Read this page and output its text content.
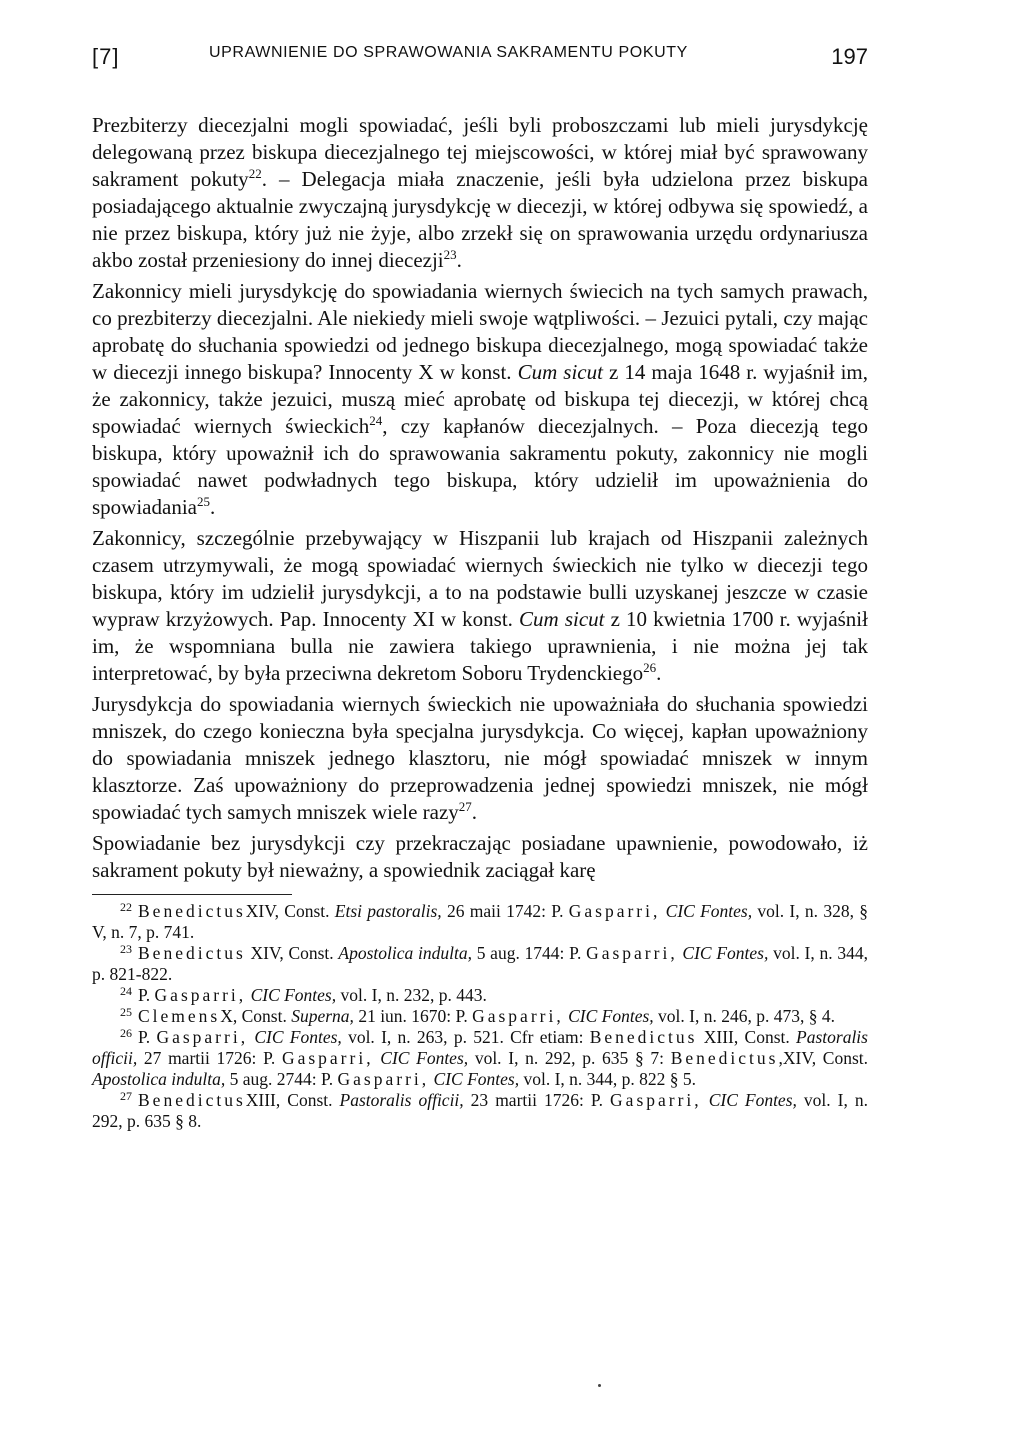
[7]	UPRAWNIENIE DO SPRAWOWANIA SAKRAMENTU POKUTY	197

Prezbiterzy diecezjalni mogli spowiadać, jeśli byli proboszczami lub mieli jurysdykcję delegowaną przez biskupa diecezjalnego tej miejscowości, w której miał być sprawowany sakrament pokuty$^{22}$. – Delegacja miała znaczenie, jeśli była udzielona przez biskupa posiadającego aktualnie zwyczajną jurysdykcję w diecezji, w której odbywa się spowiedź, a nie przez biskupa, który już nie żyje, albo zrzekł się on sprawowania urzędu ordynariusza akbo został przeniesiony do innej diecezji$^{23}$.

Zakonnicy mieli jurysdykcję do spowiadania wiernych świecich na tych samych prawach, co prezbiterzy diecezjalni. Ale niekiedy mieli swoje wątpliwości. – Jezuici pytali, czy mając aprobatę do słuchania spowiedzi od jednego biskupa diecezjalnego, mogą spowiadać także w diecezji innego biskupa? Innocenty X w konst. Cum sicut z 14 maja 1648 r. wyjaśnił im, że zakonnicy, także jezuici, muszą mieć aprobatę od biskupa tej diecezji, w której chcą spowiadać wiernych świeckich$^{24}$, czy kapłanów diecezjalnych. – Poza diecezją tego biskupa, który upoważnił ich do sprawowania sakramentu pokuty, zakonnicy nie mogli spowiadać nawet podwładnych tego biskupa, który udzielił im upoważnienia do spowiadania$^{25}$.

Zakonnicy, szczególnie przebywający w Hiszpanii lub krajach od Hiszpanii zależnych czasem utrzymywali, że mogą spowiadać wiernych świeckich nie tylko w diecezji tego biskupa, który im udzielił jurysdykcji, a to na podstawie bulli uzyskanej jeszcze w czasie wypraw krzyżowych. Pap. Innocenty XI w konst. Cum sicut z 10 kwietnia 1700 r. wyjaśnił im, że wspomniana bulla nie zawiera takiego uprawnienia, i nie można jej tak interpretować, by była przeciwna dekretom Soboru Trydenckiego$^{26}$.

Jurysdykcja do spowiadania wiernych świeckich nie upoważniała do słuchania spowiedzi mniszek, do czego konieczna była specjalna jurysdykcja. Co więcej, kapłan upoważniony do spowiadania mniszek jednego klasztoru, nie mógł spowiadać mniszek w innym klasztorze. Zaś upoważniony do przeprowadzenia jednej spowiedzi mniszek, nie mógł spowiadać tych samych mniszek wiele razy$^{27}$.

Spowiadanie bez jurysdykcji czy przekraczając posiadane upawnienie, powodowało, iż sakrament pokuty był nieważny, a spowiednik zaciągał karę

$^{22}$ BenedictusXIV, Const. Etsi pastoralis, 26 maii 1742: P. Gasparri, CIC Fontes, vol. I, n. 328, § V, n. 7, p. 741.

$^{23}$ Benedictus XIV, Const. Apostolica indulta, 5 aug. 1744: P. Gasparri, CIC Fontes, vol. I, n. 344, p. 821-822.

$^{24}$ P. Gasparri, CIC Fontes, vol. I, n. 232, p. 443.

$^{25}$ ClemensX, Const. Superna, 21 iun. 1670: P. Gasparri, CIC Fontes, vol. I, n. 246, p. 473, § 4.

$^{26}$ P. Gasparri, CIC Fontes, vol. I, n. 263, p. 521. Cfr etiam: Benedictus XIII, Const. Pastoralis officii, 27 martii 1726: P. Gasparri, CIC Fontes, vol. I, n. 292, p. 635 § 7: Benedictus,XIV, Const. Apostolica indulta, 5 aug. 2744: P. Gasparri, CIC Fontes, vol. I, n. 344, p. 822 § 5.

$^{27}$ BenedictusXIII, Const. Pastoralis officii, 23 martii 1726: P. Gasparri, CIC Fontes, vol. I, n. 292, p. 635 § 8.
